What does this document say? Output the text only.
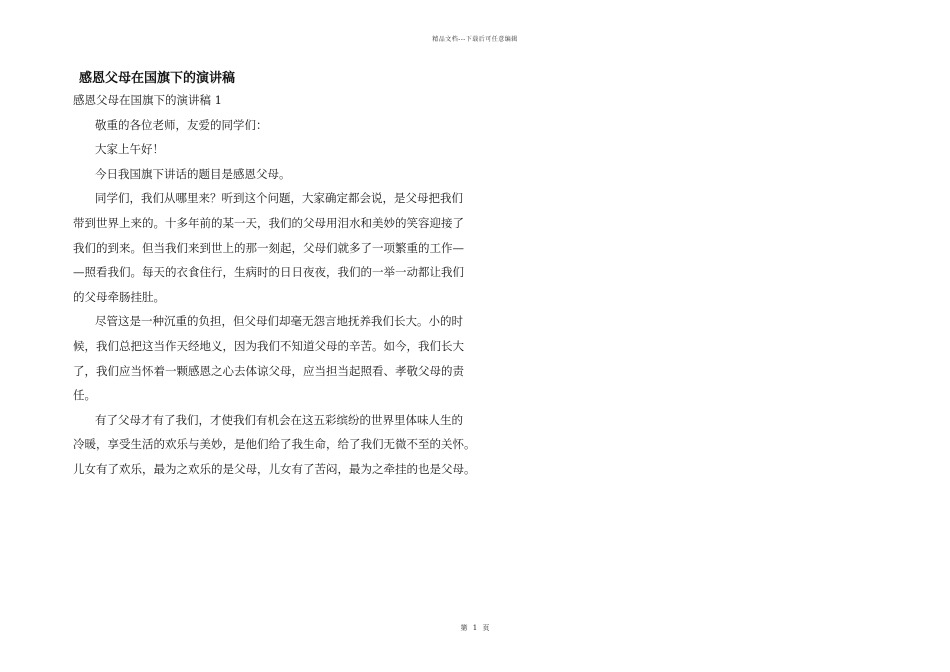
精品文档---下载后可任意编辑
感恩父母在国旗下的演讲稿
感恩父母在国旗下的演讲稿 1
敬重的各位老师，友爱的同学们：
大家上午好！
今日我国旗下讲话的题目是感恩父母。
同学们，我们从哪里来？听到这个问题，大家确定都会说，是父母把我们
带到世界上来的。十多年前的某一天，我们的父母用泪水和美妙的笑容迎接了
我们的到来。但当我们来到世上的那一刻起，父母们就多了一项繁重的工作—
—照看我们。每天的衣食住行，生病时的日日夜夜，我们的一举一动都让我们
的父母牵肠挂肚。
尽管这是一种沉重的负担，但父母们却毫无怨言地抚养我们长大。小的时
候，我们总把这当作天经地义，因为我们不知道父母的辛苦。如今，我们长大
了，我们应当怀着一颗感恩之心去体谅父母，应当担当起照看、孝敬父母的责
任。
有了父母才有了我们，才使我们有机会在这五彩缤纷的世界里体味人生的
冷暖，享受生活的欢乐与美妙，是他们给了我生命，给了我们无微不至的关怀。
儿女有了欢乐，最为之欢乐的是父母，儿女有了苦闷，最为之牵挂的也是父母。
第 1 页
